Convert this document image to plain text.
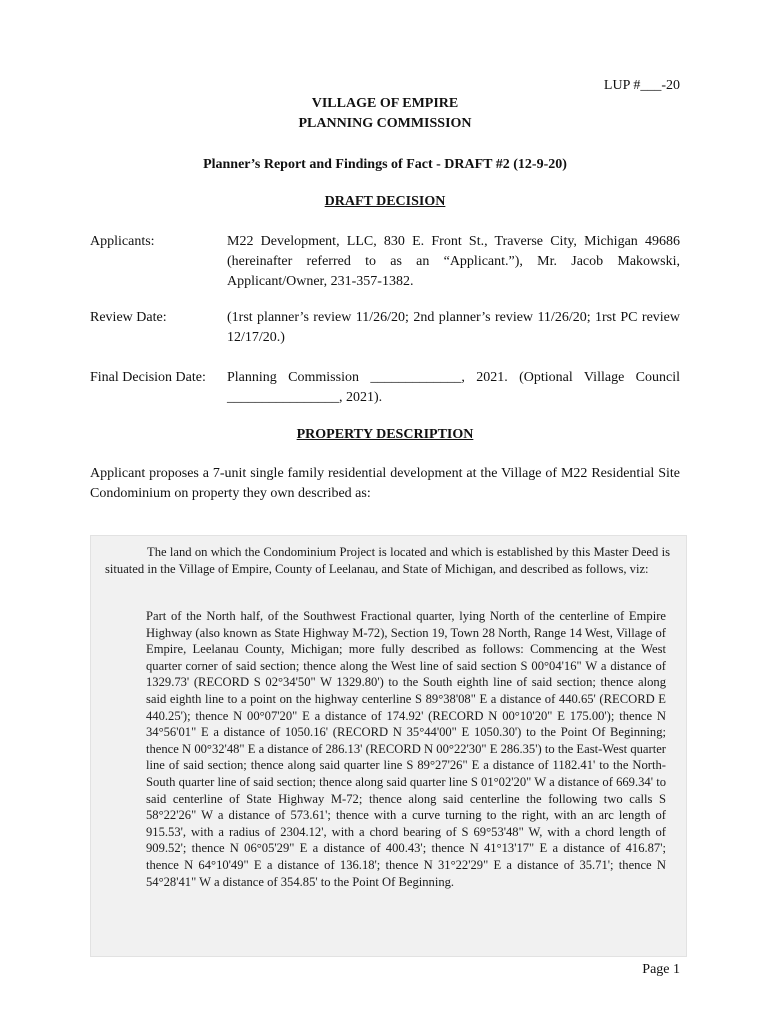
LUP #___-20
VILLAGE OF EMPIRE
PLANNING COMMISSION
Planner’s Report and Findings of Fact - DRAFT #2 (12-9-20)
DRAFT DECISION
Applicants:	M22 Development, LLC, 830 E. Front St., Traverse City, Michigan 49686 (hereinafter referred to as an “Applicant.”), Mr. Jacob Makowski, Applicant/Owner, 231-357-1382.
Review Date:	(1rst planner’s review 11/26/20; 2nd planner’s review 11/26/20; 1rst PC review 12/17/20.)
Final Decision Date:	Planning Commission _____________, 2021. (Optional Village Council ________________, 2021).
PROPERTY DESCRIPTION
Applicant proposes a 7-unit single family residential development at the Village of M22 Residential Site Condominium on property they own described as:
The land on which the Condominium Project is located and which is established by this Master Deed is situated in the Village of Empire, County of Leelanau, and State of Michigan, and described as follows, viz:
Part of the North half, of the Southwest Fractional quarter, lying North of the centerline of Empire Highway (also known as State Highway M-72), Section 19, Town 28 North, Range 14 West, Village of Empire, Leelanau County, Michigan; more fully described as follows: Commencing at the West quarter corner of said section; thence along the West line of said section S 00°04'16" W a distance of 1329.73' (RECORD S 02°34'50" W 1329.80') to the South eighth line of said section; thence along said eighth line to a point on the highway centerline S 89°38'08" E a distance of 440.65' (RECORD E 440.25'); thence N 00°07'20" E a distance of 174.92' (RECORD N 00°10'20" E 175.00'); thence N 34°56'01" E a distance of 1050.16' (RECORD N 35°44'00" E 1050.30') to the Point Of Beginning; thence N 00°32'48" E a distance of 286.13' (RECORD N 00°22'30" E 286.35') to the East-West quarter line of said section; thence along said quarter line S 89°27'26" E a distance of 1182.41' to the North-South quarter line of said section; thence along said quarter line S 01°02'20" W a distance of 669.34' to said centerline of State Highway M-72; thence along said centerline the following two calls S 58°22'26" W a distance of 573.61'; thence with a curve turning to the right, with an arc length of 915.53', with a radius of 2304.12', with a chord bearing of S 69°53'48" W, with a chord length of 909.52'; thence N 06°05'29" E a distance of 400.43'; thence N 41°13'17" E a distance of 416.87'; thence N 64°10'49" E a distance of 136.18'; thence N 31°22'29" E a distance of 35.71'; thence N 54°28'41" W a distance of 354.85' to the Point Of Beginning.
Page 1
